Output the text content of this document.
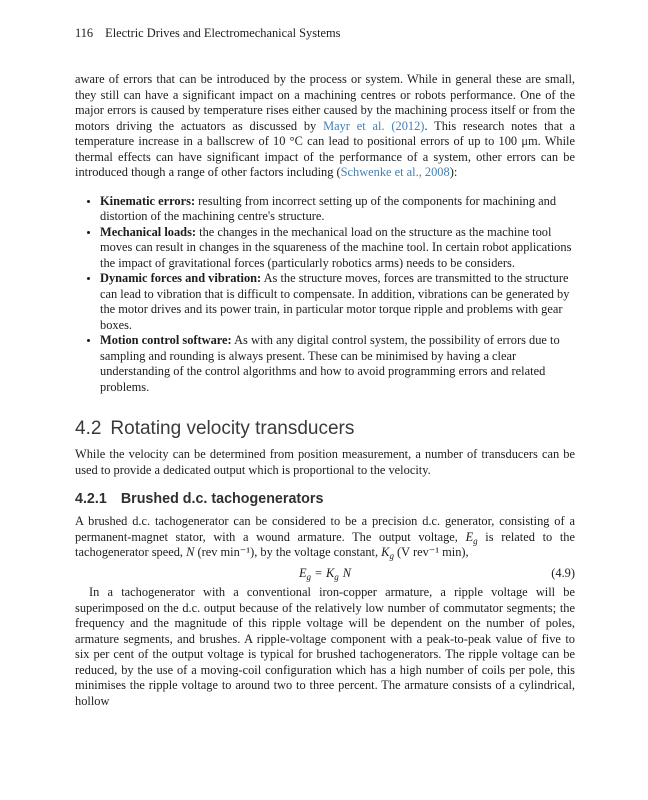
116 Electric Drives and Electromechanical Systems

aware of errors that can be introduced by the process or system. While in general these are small, they still can have a significant impact on a machining centres or robots performance. One of the major errors is caused by temperature rises either caused by the machining process itself or from the motors driving the actuators as discussed by Mayr et al. (2012). This research notes that a temperature increase in a ballscrew of 10 °C can lead to positional errors of up to 100 μm. While thermal effects can have significant impact of the performance of a system, other errors can be introduced though a range of other factors including (Schwenke et al., 2008):

• Kinematic errors: resulting from incorrect setting up of the components for machining and distortion of the machining centre's structure.
• Mechanical loads: the changes in the mechanical load on the structure as the machine tool moves can result in changes in the squareness of the machine tool. In certain robot applications the impact of gravitational forces (particularly robotics arms) needs to be considers.
• Dynamic forces and vibration: As the structure moves, forces are transmitted to the structure can lead to vibration that is difficult to compensate. In addition, vibrations can be generated by the motor drives and its power train, in particular motor torque ripple and problems with gear boxes.
• Motion control software: As with any digital control system, the possibility of errors due to sampling and rounding is always present. These can be minimised by having a clear understanding of the control algorithms and how to avoid programming errors and related problems.
4.2 Rotating velocity transducers

While the velocity can be determined from position measurement, a number of transducers can be used to provide a dedicated output which is proportional to the velocity.

4.2.1 Brushed d.c. tachogenerators

A brushed d.c. tachogenerator can be considered to be a precision d.c. generator, consisting of a permanent-magnet stator, with a wound armature. The output voltage, $E_g$ is related to the tachogenerator speed, N (rev min⁻¹), by the voltage constant, $K_g$ (V rev⁻¹ min),

$E_g = K_g$ N	(4.9)

In a tachogenerator with a conventional iron-copper armature, a ripple voltage will be superimposed on the d.c. output because of the relatively low number of commutator segments; the frequency and the magnitude of this ripple voltage will be dependent on the number of poles, armature segments, and brushes. A ripple-voltage component with a peak-to-peak value of five to six per cent of the output voltage is typical for brushed tachogenerators. The ripple voltage can be reduced, by the use of a moving-coil configuration which has a high number of coils per pole, this minimises the ripple voltage to around two to three percent. The armature consists of a cylindrical, hollow
